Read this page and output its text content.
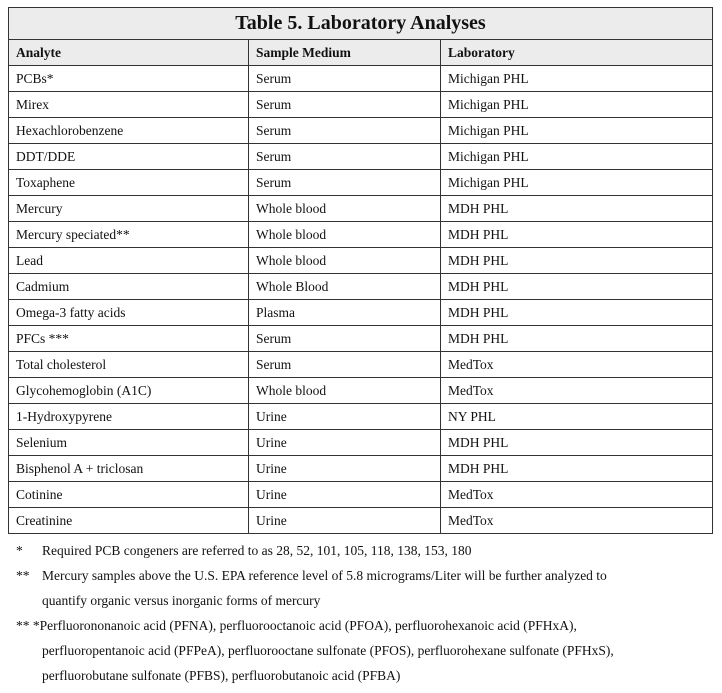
Table 5. Laboratory Analyses		
Analyte	Sample Medium	Laboratory
PCBs*	Serum	Michigan PHL
Mirex	Serum	Michigan PHL
Hexachlorobenzene	Serum	Michigan PHL
DDT/DDE	Serum	Michigan PHL
Toxaphene	Serum	Michigan PHL
Mercury	Whole blood	MDH PHL
Mercury speciated**	Whole blood	MDH PHL
Lead	Whole blood	MDH PHL
Cadmium	Whole Blood	MDH PHL
Omega-3 fatty acids	Plasma	MDH PHL
PFCs ***	Serum	MDH PHL
Total cholesterol	Serum	MedTox
Glycohemoglobin (A1C)	Whole blood	MedTox
1-Hydroxypyrene	Urine	NY PHL
Selenium	Urine	MDH PHL
Bisphenol A + triclosan	Urine	MDH PHL
Cotinine	Urine	MedTox
Creatinine	Urine	MedTox
*	Required PCB congeners are referred to as 28, 52, 101, 105, 118, 138, 153, 180
** Mercury samples above the U.S. EPA reference level of 5.8 micrograms/Liter will be further analyzed to
quantify organic versus inorganic forms of mercury
** * Perfluorononanoic acid (PFNA), perfluorooctanoic acid (PFOA), perfluorohexanoic acid (PFHxA),
perfluoropentanoic acid (PFPeA), perfluorooctane sulfonate (PFOS), perfluorohexane sulfonate (PFHxS),
perfluorobutane sulfonate (PFBS), perfluorobutanoic acid (PFBA)
